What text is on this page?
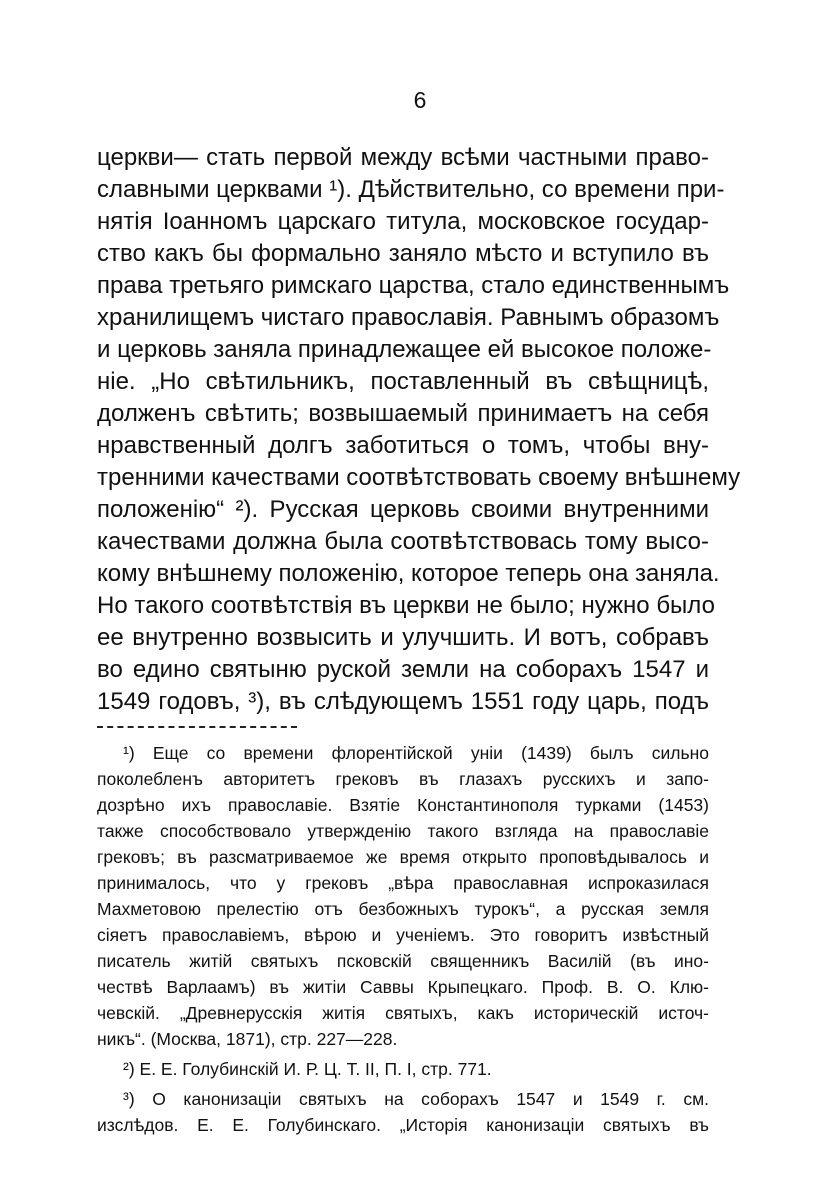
6
церкви— стать первой между всѣми частными право-
славными церквами ¹). Дѣйствительно, со времени при-
нятія Іоанномъ царскаго титула, московское государ-
ство какъ бы формально заняло мѣсто и вступило въ
права третьяго римскаго царства, стало единственнымъ
хранилищемъ чистаго православія. Равнымъ образомъ
и церковь заняла принадлежащее ей высокое положе-
ніе. „Но свѣтильникъ, поставленный въ свѣщницѣ,
долженъ свѣтить; возвышаемый принимаетъ на себя
нравственный долгъ заботиться о томъ, чтобы вну-
тренними качествами соотвѣтствовать своему внѣшнему
положенію“ ²). Русская церковь своими внутренними
качествами должна была соотвѣтствовась тому высо-
кому внѣшнему положенію, которое теперь она заняла.
Но такого соотвѣтствія въ церкви не было; нужно было
ее внутренно возвысить и улучшить. И вотъ, собравъ
во едино святыню руской земли на соборахъ 1547 и
1549 годовъ, ³), въ слѣдующемъ 1551 году царь, подъ
¹) Еще со времени флорентійской уніи (1439) былъ сильно
поколебленъ авторитетъ грековъ въ глазахъ русскихъ и запо-
дозрѣно ихъ православіе. Взятіе Константинополя турками (1453)
также способствовало утвержденію такого взгляда на православіе
грековъ; въ разсматриваемое же время открыто проповѣдывалось и
принималось, что у грековъ „вѣра православная испроказилася
Махметовою прелестію отъ безбожныхъ турокъ“, а русская земля
сіяетъ православіемъ, вѣрою и ученіемъ. Это говоритъ извѣстный
писатель житій святыхъ псковскій священникъ Василій (въ ино-
чествѣ Варлаамъ) въ житіи Саввы Крыпецкаго. Проф. В. О. Клю-
чевскій. „Древнерусскія житія святыхъ, какъ историческій источ-
никъ“. (Москва, 1871), стр. 227—228.
²) Е. Е. Голубинскій И. Р. Ц. Т. II, П. I, стр. 771.
³) О канонизаціи святыхъ на соборахъ 1547 и 1549 г. см.
изслѣдов. Е. Е. Голубинскаго. „Исторія канонизаціи святыхъ въ
